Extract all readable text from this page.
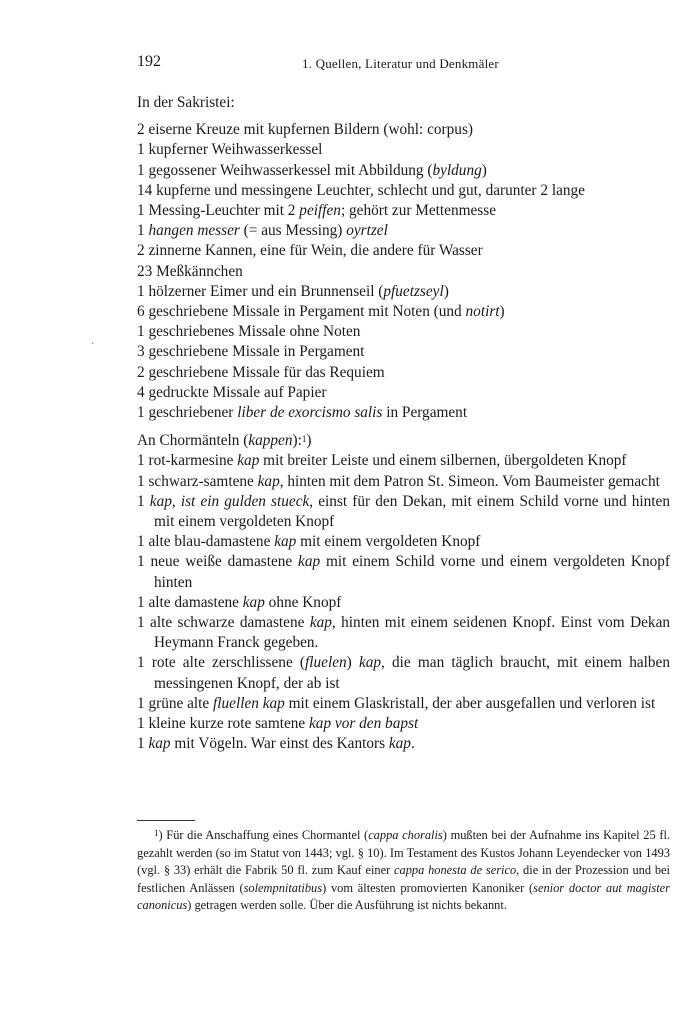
192	1. Quellen, Literatur und Denkmäler
·
In der Sakristei:
2 eiserne Kreuze mit kupfernen Bildern (wohl: corpus)
1 kupferner Weihwasserkessel
1 gegossener Weihwasserkessel mit Abbildung (byldung)
14 kupferne und messingene Leuchter, schlecht und gut, darunter 2 lange
1 Messing-Leuchter mit 2 peiffen; gehört zur Mettenmesse
1 hangen messer (= aus Messing) oyrtzel
2 zinnerne Kannen, eine für Wein, die andere für Wasser
23 Meßkännchen
1 hölzerner Eimer und ein Brunnenseil (pfuetzseyl)
6 geschriebene Missale in Pergament mit Noten (und notirt)
1 geschriebenes Missale ohne Noten
3 geschriebene Missale in Pergament
2 geschriebene Missale für das Requiem
4 gedruckte Missale auf Papier
1 geschriebener liber de exorcismo salis in Pergament
An Chormänteln (kappen):$^1$)
1 rot-karmesine kap mit breiter Leiste und einem silbernen, übergoldeten Knopf
1 schwarz-samtene kap, hinten mit dem Patron St. Simeon. Vom Baumeister gemacht
1 kap, ist ein gulden stueck, einst für den Dekan, mit einem Schild vorne und hinten mit einem vergoldeten Knopf
1 alte blau-damastene kap mit einem vergoldeten Knopf
1 neue weiße damastene kap mit einem Schild vorne und einem vergoldeten Knopf hinten
1 alte damastene kap ohne Knopf
1 alte schwarze damastene kap, hinten mit einem seidenen Knopf. Einst vom Dekan Heymann Franck gegeben.
1 rote alte zerschlissene (fluelen) kap, die man täglich braucht, mit einem halben messingenen Knopf, der ab ist
1 grüne alte fluellen kap mit einem Glaskristall, der aber ausgefallen und verloren ist
1 kleine kurze rote samtene kap vor den bapst
1 kap mit Vögeln. War einst des Kantors kap.
$^1$) Für die Anschaffung eines Chormantel (cappa choralis) mußten bei der Aufnahme ins Kapitel 25 fl. gezahlt werden (so im Statut von 1443; vgl. § 10). Im Testament des Kustos Johann Leyendecker von 1493 (vgl. § 33) erhält die Fabrik 50 fl. zum Kauf einer cappa honesta de serico, die in der Prozession und bei festlichen Anlässen (solempnitatibus) vom ältesten promovierten Kanoniker (senior doctor aut magister canonicus) getragen werden solle. Über die Ausführung ist nichts bekannt.
